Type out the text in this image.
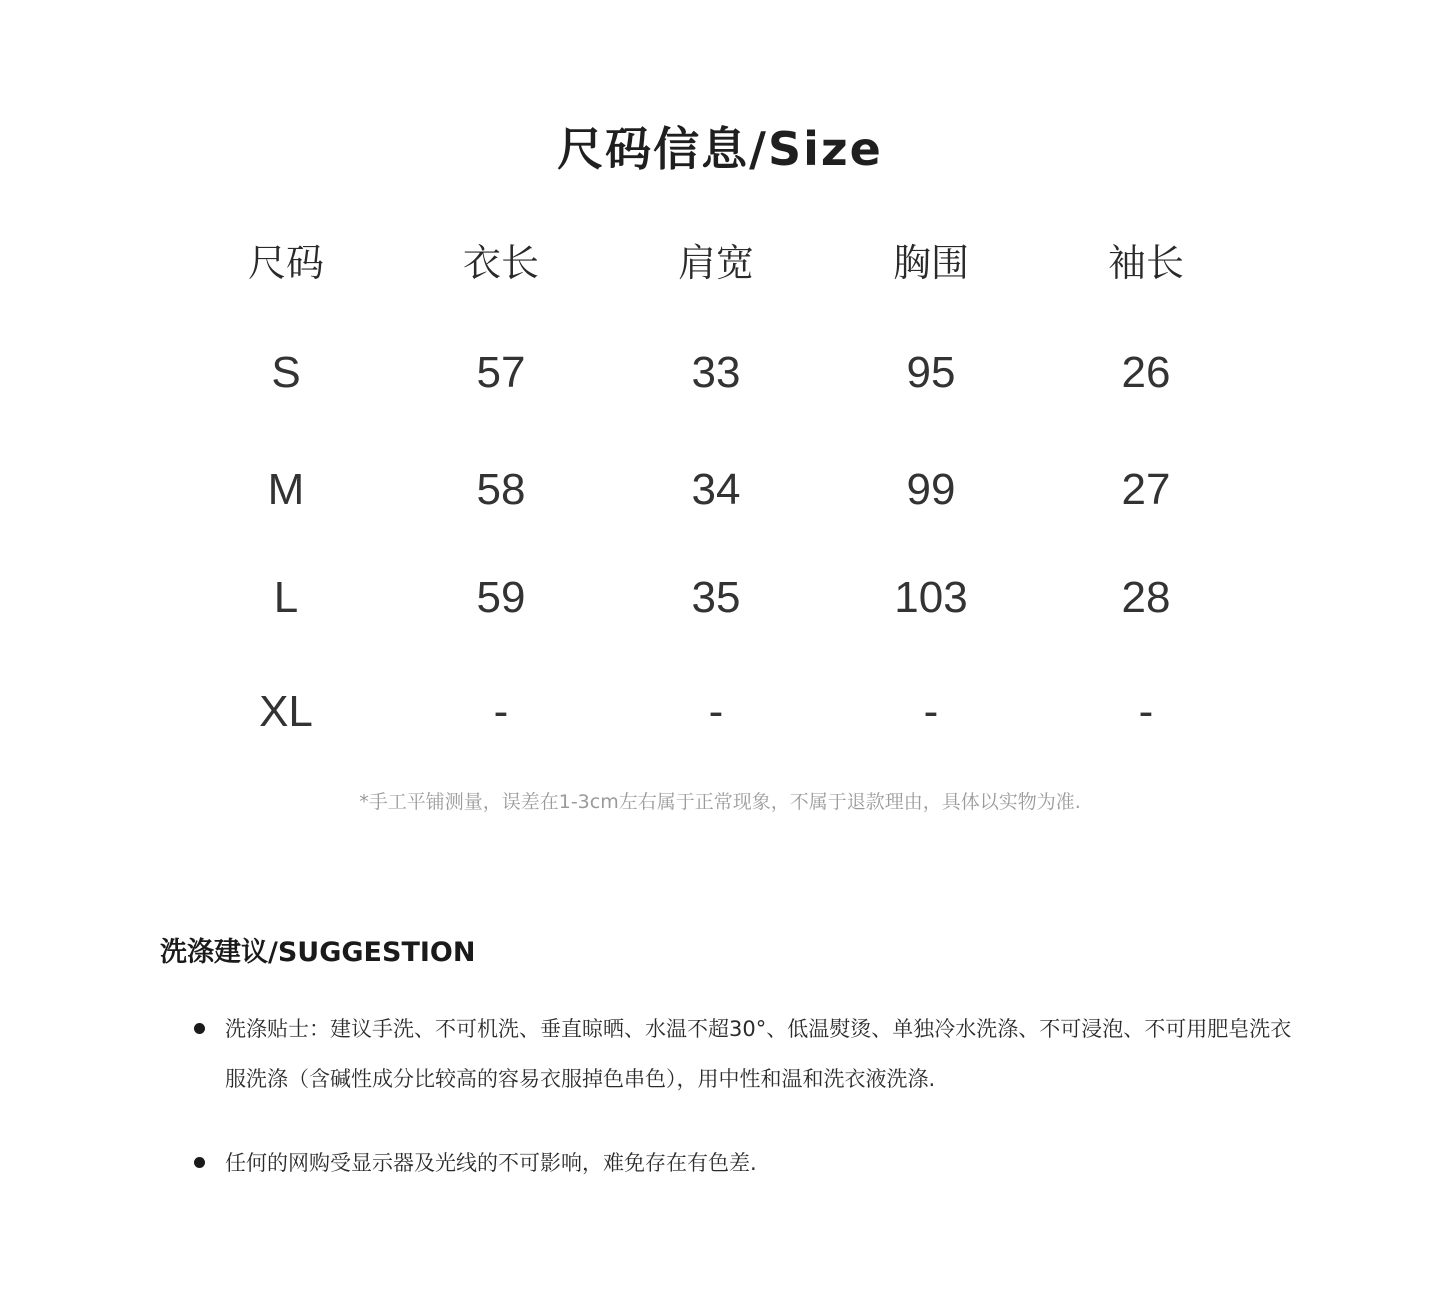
尺码信息/Size
尺码	衣长	肩宽	胸围	袖长
S	57	33	95	26
M	58	34	99	27
L	59	35	103	28
XL	-	-	-	-
*手工平铺测量，误差在1-3cm左右属于正常现象，不属于退款理由，具体以实物为准.
洗涤建议/SUGGESTION
洗涤贴士：建议手洗、不可机洗、垂直晾晒、水温不超30°、低温熨烫、单独冷水洗涤、不可浸泡、不可用肥皂洗衣服洗涤（含碱性成分比较高的容易衣服掉色串色），用中性和温和洗衣液洗涤.
任何的网购受显示器及光线的不可影响，难免存在有色差.
